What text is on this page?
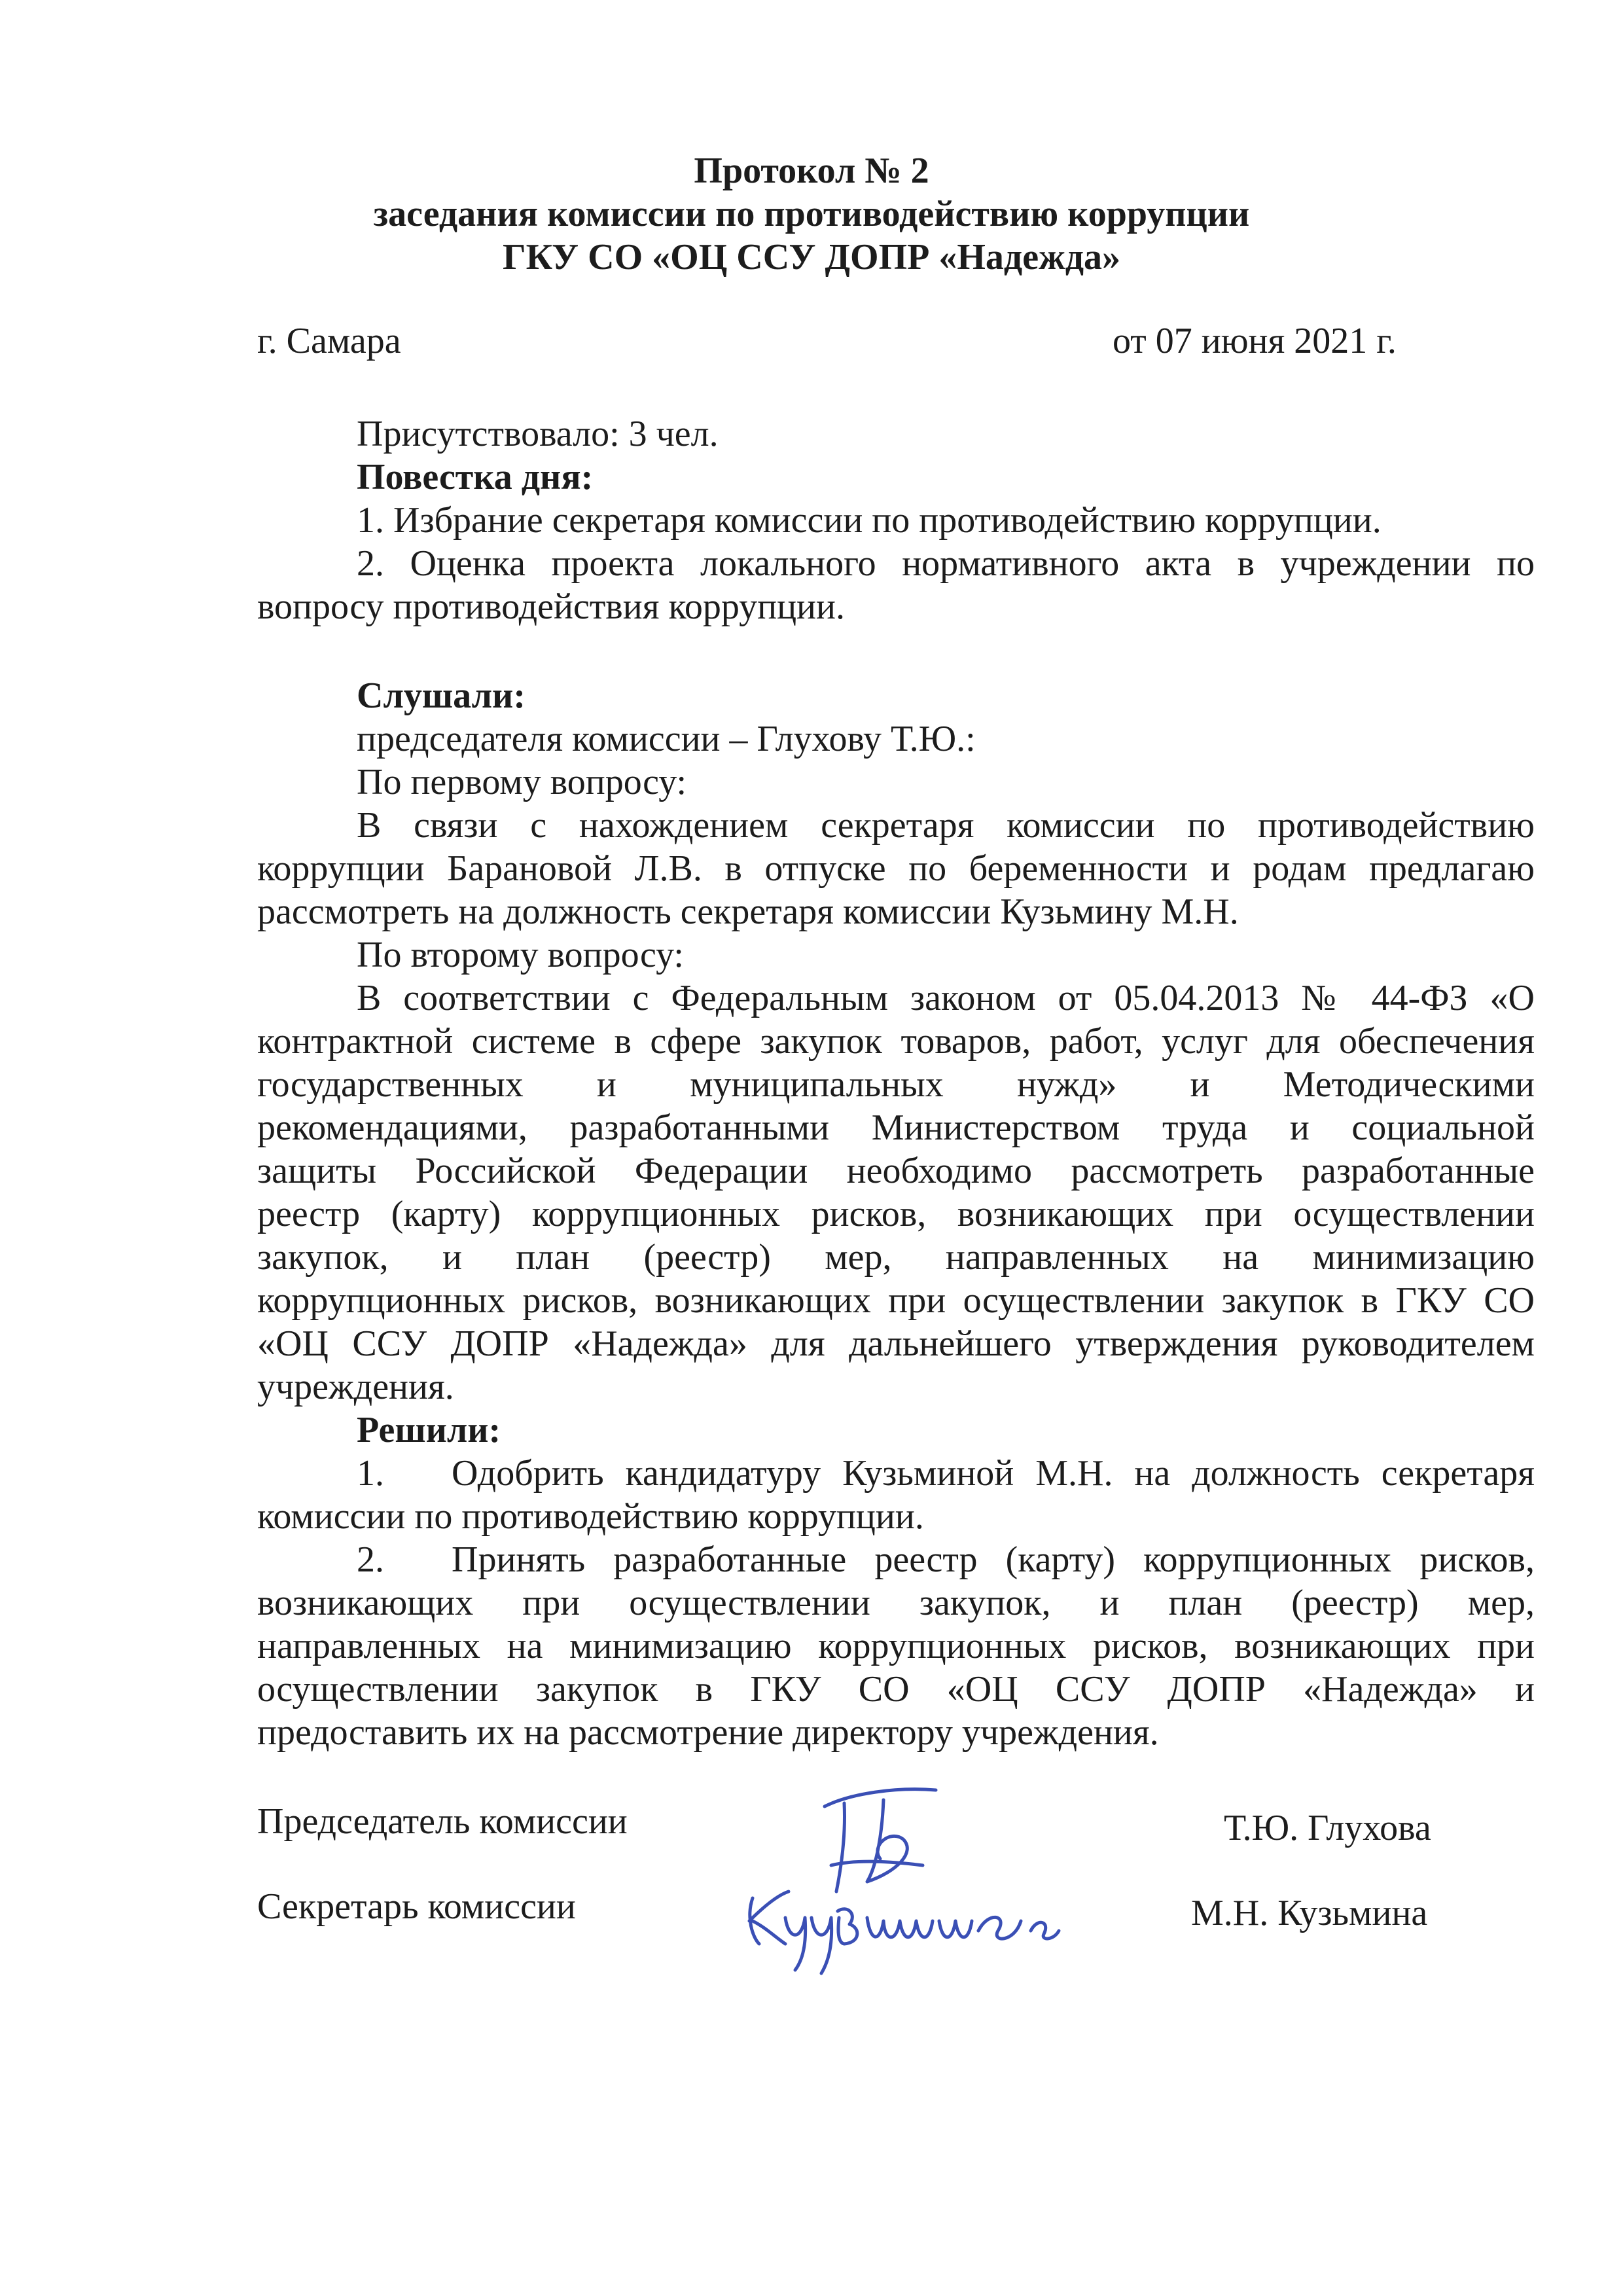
Протокол № 2

заседания комиссии по противодействию коррупции

ГКУ СО «ОЦ ССУ ДОПР «Надежда»

г. Самара	от 07 июня 2021 г.

Присутствовало: 3 чел.

Повестка дня:

1. Избрание секретаря комиссии по противодействию коррупции.

2. Оценка проекта локального нормативного акта в учреждении по

вопросу противодействия коррупции.

Слушали:

председателя комиссии – Глухову Т.Ю.:

По первому вопросу:

В связи с нахождением секретаря комиссии по противодействию

коррупции Барановой Л.В. в отпуске по беременности и родам предлагаю

рассмотреть на должность секретаря комиссии Кузьмину М.Н.

По второму вопросу:

В соответствии с Федеральным законом от 05.04.2013 № 44-ФЗ «О

контрактной системе в сфере закупок товаров, работ, услуг для обеспечения

государственных и муниципальных нужд» и Методическими

рекомендациями, разработанными Министерством труда и социальной

защиты Российской Федерации необходимо рассмотреть разработанные

реестр (карту) коррупционных рисков, возникающих при осуществлении

закупок, и план (реестр) мер, направленных на минимизацию

коррупционных рисков, возникающих при осуществлении закупок в ГКУ СО

«ОЦ ССУ ДОПР «Надежда» для дальнейшего утверждения руководителем

учреждения.

Решили:

1. Одобрить кандидатуру Кузьминой М.Н. на должность секретаря

комиссии по противодействию коррупции.

2. Принять разработанные реестр (карту) коррупционных рисков,

возникающих при осуществлении закупок, и план (реестр) мер,

направленных на минимизацию коррупционных рисков, возникающих при

осуществлении закупок в ГКУ СО «ОЦ ССУ ДОПР «Надежда» и

предоставить их на рассмотрение директору учреждения.

Председатель комиссии	Т.Ю. Глухова

Секретарь комиссии	М.Н. Кузьмина
